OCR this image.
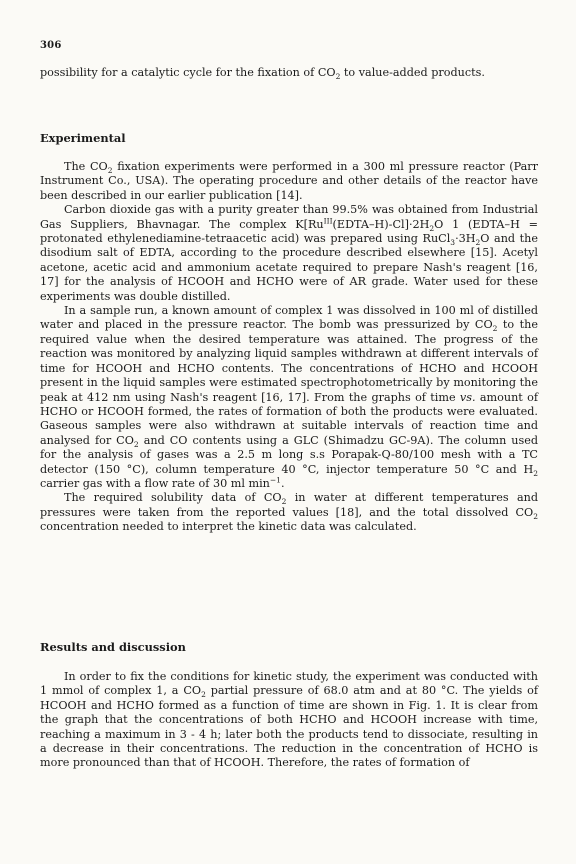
306

possibility for a catalytic cycle for the fixation of $CO_2$ to value-added products.

Experimental

The $CO_2$ fixation experiments were performed in a 300 ml pressure reactor (Parr Instrument Co., USA). The operating procedure and other details of the reactor have been described in our earlier publication [14].

Carbon dioxide gas with a purity greater than 99.5% was obtained from Industrial Gas Suppliers, Bhavnagar. The complex $K[Ru^{III}(EDTA-H)-Cl]\cdot 2H_2O$ 1 (EDTA–H = protonated ethylenediamine-tetraacetic acid) was prepared using $RuCl_3\cdot 3H_2O$ and the disodium salt of EDTA, according to the procedure described elsewhere [15]. Acetyl acetone, acetic acid and ammonium acetate required to prepare Nash's reagent [16, 17] for the analysis of HCOOH and HCHO were of AR grade. Water used for these experiments was double distilled.

In a sample run, a known amount of complex 1 was dissolved in 100 ml of distilled water and placed in the pressure reactor. The bomb was pressurized by $CO_2$ to the required value when the desired temperature was attained. The progress of the reaction was monitored by analyzing liquid samples withdrawn at different intervals of time for HCOOH and HCHO contents. The concentrations of HCHO and HCOOH present in the liquid samples were estimated spectrophotometrically by monitoring the peak at 412 nm using Nash's reagent [16, 17]. From the graphs of time vs. amount of HCHO or HCOOH formed, the rates of formation of both the products were evaluated. Gaseous samples were also withdrawn at suitable intervals of reaction time and analysed for $CO_2$ and CO contents using a GLC (Shimadzu GC-9A). The column used for the analysis of gases was a 2.5 m long s.s Porapak-Q-80/100 mesh with a TC detector (150 °C), column temperature 40 °C, injector temperature 50 °C and $H_2$ carrier gas with a flow rate of 30 ml $\min^{-1}$.

The required solubility data of $CO_2$ in water at different temperatures and pressures were taken from the reported values [18], and the total dissolved $CO_2$ concentration needed to interpret the kinetic data was calculated.

Results and discussion

In order to fix the conditions for kinetic study, the experiment was conducted with 1 mmol of complex 1, a $CO_2$ partial pressure of 68.0 atm and at 80 °C. The yields of HCOOH and HCHO formed as a function of time are shown in Fig. 1. It is clear from the graph that the concentrations of both HCHO and HCOOH increase with time, reaching a maximum in 3 - 4 h; later both the products tend to dissociate, resulting in a decrease in their concentrations. The reduction in the concentration of HCHO is more pronounced than that of HCOOH. Therefore, the rates of formation of
